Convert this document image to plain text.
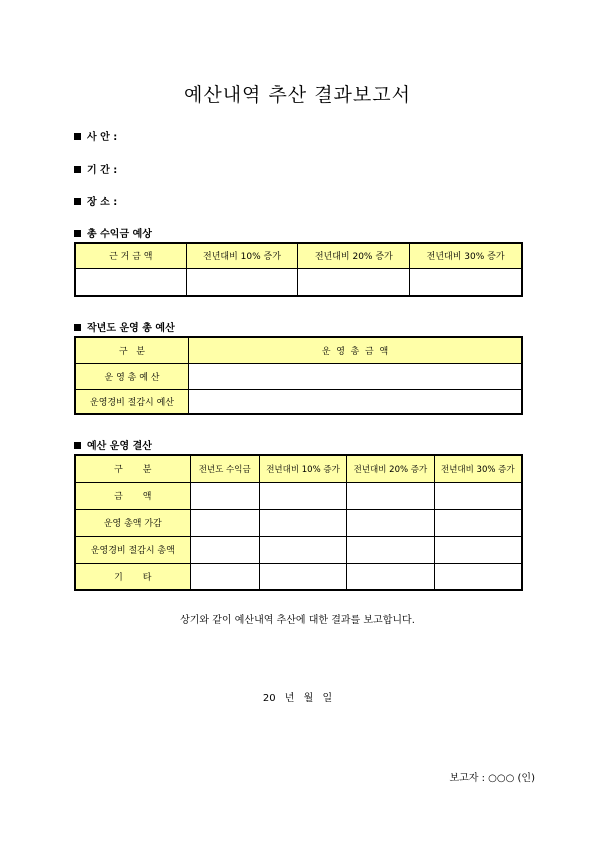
예산내역 추산 결과보고서
사 안 :
기 간 :
장 소 :
총 수익금 예상
근 거 금 액	전년대비 10% 증가	전년대비 20% 증가	전년대비 30% 증가

작년도 운영 총 예산
구   분	운  영  총  금  액
운 영 총 예 산	
운영경비 절감시 예산	
예산 운영 결산
구       분	전년도 수익금	전년대비 10% 증가	전년대비 20% 증가	전년대비 30% 증가
금       액				
운영 총액 가감				
운영경비 절감시 총액				
기       타				
상기와 같이 예산내역 추산에 대한 결과를 보고합니다.
20 년 월 일
보고자 : ○○○ (인)
